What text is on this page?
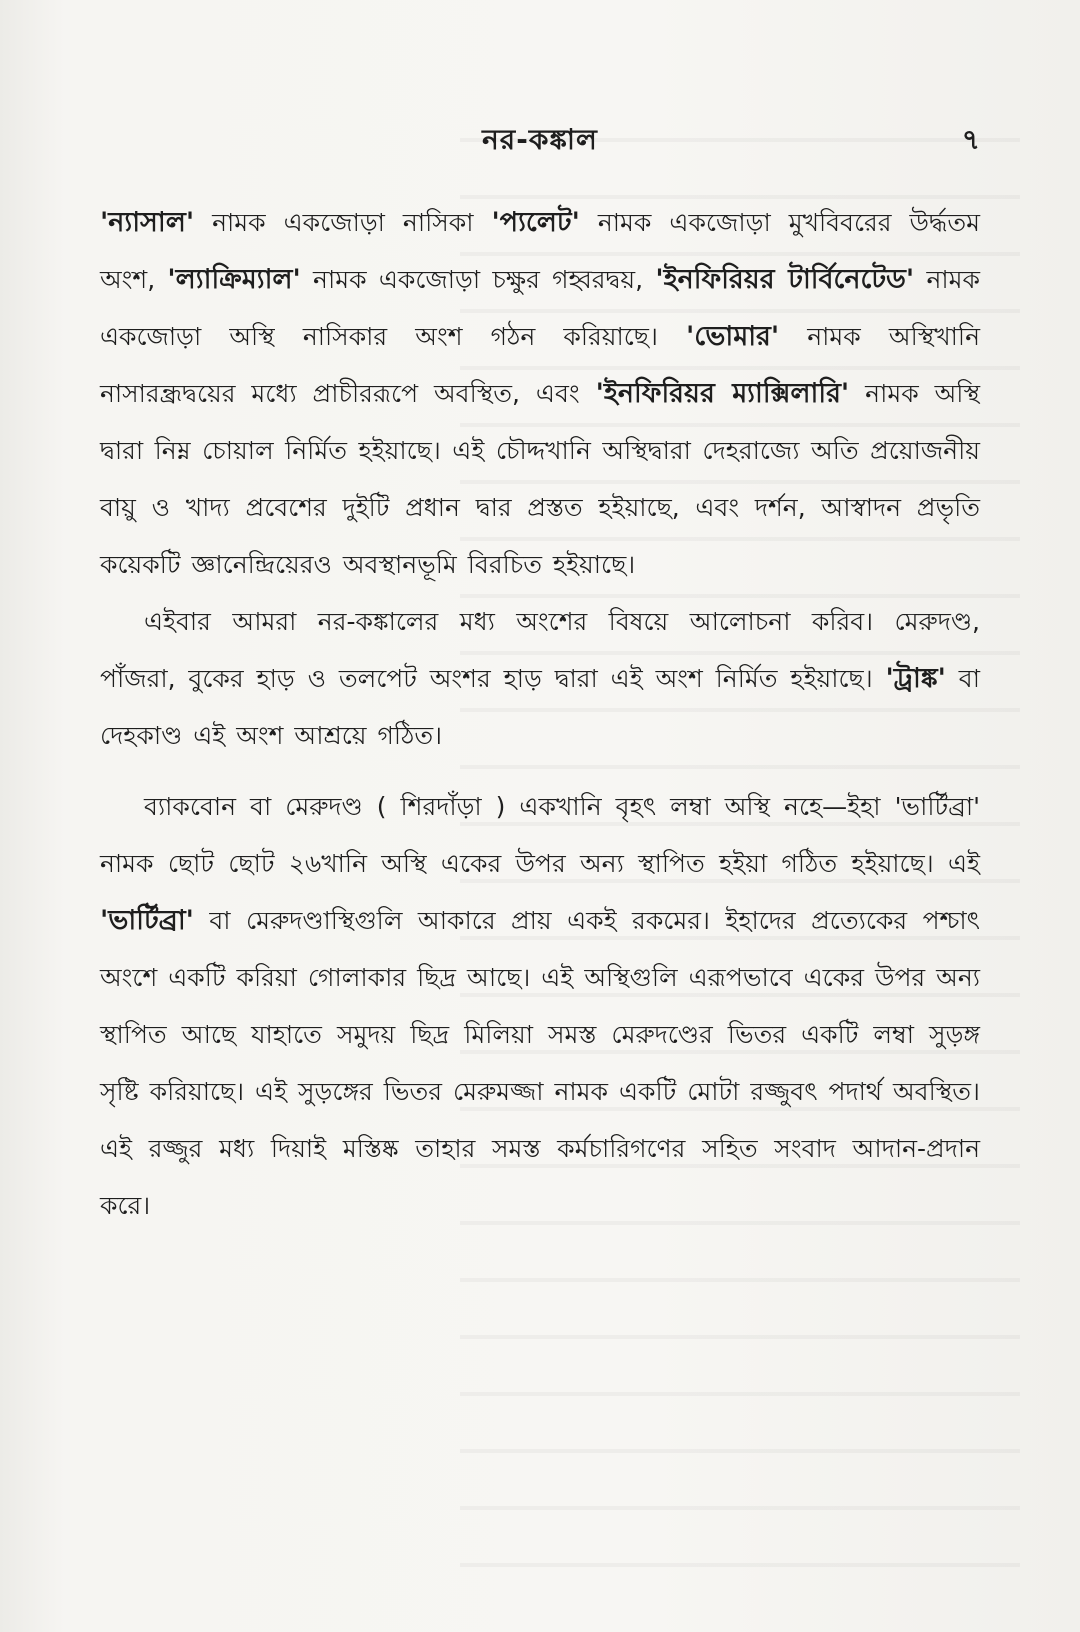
নর-কঙ্কাল	৭

'ন্যাসাল' নামক একজোড়া নাসিকা 'প্যলেট' নামক একজোড়া মুখবিবরের উর্দ্ধতম অংশ, 'ল্যাক্রিম্যাল' নামক একজোড়া চক্ষুর গহ্বরদ্বয়, 'ইনফিরিয়র টার্বিনেটেড' নামক একজোড়া অস্থি নাসিকার অংশ গঠন করিয়াছে। 'ভোমার' নামক অস্থিখানি নাসারন্ধ্রদ্বয়ের মধ্যে প্রাচীররূপে অবস্থিত, এবং 'ইনফিরিয়র ম্যাক্সিলারি' নামক অস্থি দ্বারা নিম্ন চোয়াল নির্মিত হইয়াছে। এই চৌদ্দখানি অস্থিদ্বারা দেহরাজ্যে অতি প্রয়োজনীয় বায়ু ও খাদ্য প্রবেশের দুইটি প্রধান দ্বার প্রস্তত হইয়াছে, এবং দর্শন, আস্বাদন প্রভৃতি কয়েকটি জ্ঞানেন্দ্রিয়েরও অবস্থানভূমি বিরচিত হইয়াছে।

এইবার আমরা নর-কঙ্কালের মধ্য অংশের বিষয়ে আলোচনা করিব। মেরুদণ্ড, পাঁজরা, বুকের হাড় ও তলপেট অংশর হাড় দ্বারা এই অংশ নির্মিত হইয়াছে। 'ট্রাঙ্ক' বা দেহকাণ্ড এই অংশ আশ্রয়ে গঠিত।

ব্যাকবোন বা মেরুদণ্ড ( শিরদাঁড়া ) একখানি বৃহৎ লম্বা অস্থি নহে—ইহা 'ভার্টিব্রা' নামক ছোট ছোট ২৬খানি অস্থি একের উপর অন্য স্থাপিত হইয়া গঠিত হইয়াছে। এই 'ভার্টিব্রা' বা মেরুদণ্ডাস্থিগুলি আকারে প্রায় একই রকমের। ইহাদের প্রত্যেকের পশ্চাৎ অংশে একটি করিয়া গোলাকার ছিদ্র আছে। এই অস্থিগুলি এরূপভাবে একের উপর অন্য স্থাপিত আছে যাহাতে সমুদয় ছিদ্র মিলিয়া সমস্ত মেরুদণ্ডের ভিতর একটি লম্বা সুড়ঙ্গ সৃষ্টি করিয়াছে। এই সুড়ঙ্গের ভিতর মেরুমজ্জা নামক একটি মোটা রজ্জুবৎ পদার্থ অবস্থিত। এই রজ্জুর মধ্য দিয়াই মস্তিষ্ক তাহার সমস্ত কর্মচারিগণের সহিত সংবাদ আদান-প্রদান করে।
